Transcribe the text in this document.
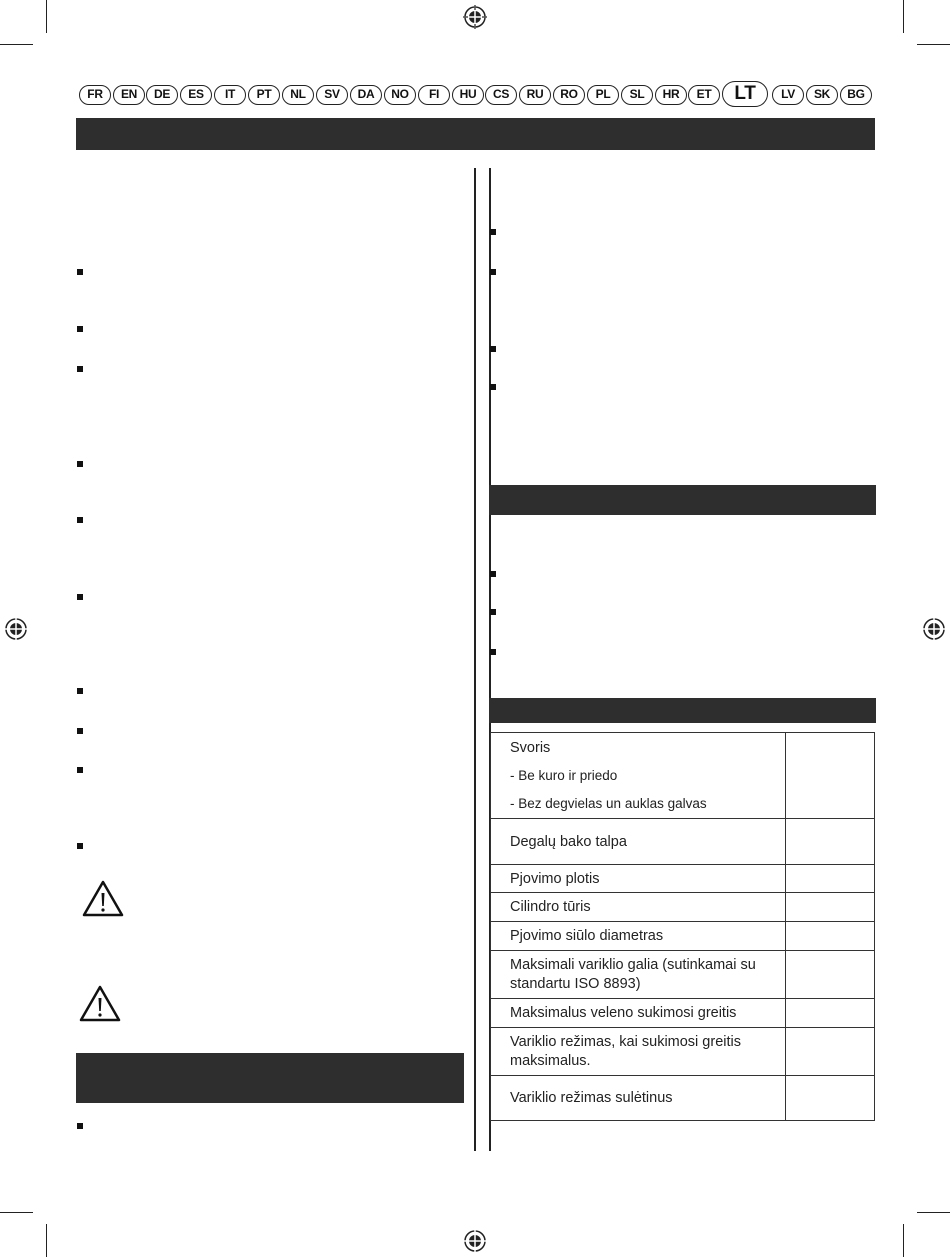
FR	EN	DE	ES	IT	PT	NL	SV	DA	NO	FI	HU	CS	RU	RO	PL	SL	HR	ET	LT	LV	SK	BG
Svoris
- Be kuro ir priedo
- Bez degvielas un auklas galvas	

Degalų bako talpa	
Pjovimo plotis	
Cilindro tūris	
Pjovimo siūlo diametras	
Maksimali variklio galia (sutinkamai su standartu ISO 8893)	
Maksimalus veleno sukimosi greitis	
Variklio režimas, kai sukimosi greitis maksimalus.	
Variklio režimas sulėtinus	
